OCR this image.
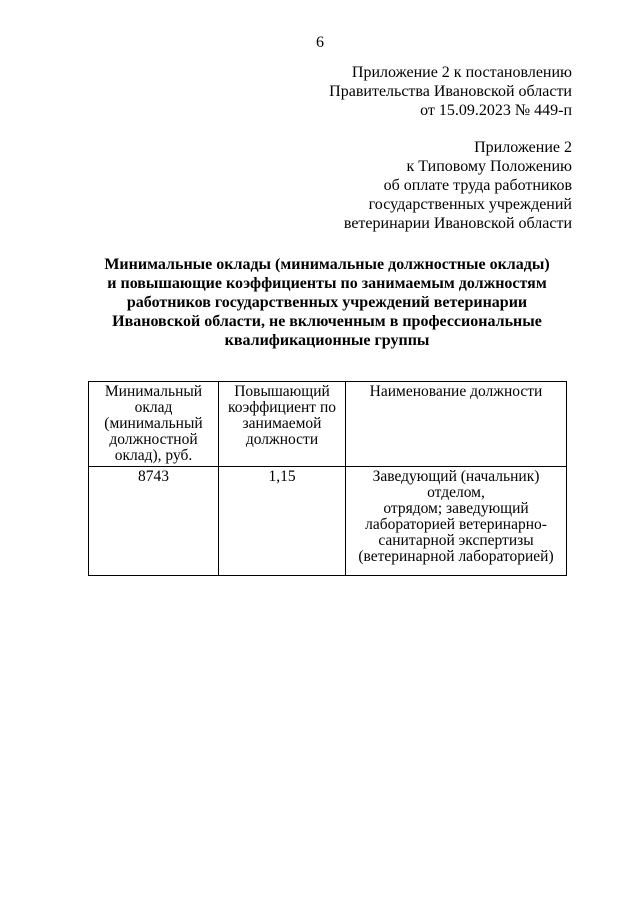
6
Приложение 2 к постановлению
Правительства Ивановской области
от 15.09.2023 № 449-п
Приложение 2
к Типовому Положению
об оплате труда работников
государственных учреждений
ветеринарии Ивановской области
Минимальные оклады (минимальные должностные оклады)
и повышающие коэффициенты по занимаемым должностям
работников государственных учреждений ветеринарии
Ивановской области, не включенным в профессиональные
квалификационные группы
Минимальный
оклад
(минимальный
должностной
оклад), руб.	Повышающий
коэффициент по
занимаемой
должности	Наименование должности

8743	1,15	Заведующий (начальник) отделом,
отрядом; заведующий
лабораторией ветеринарно-
санитарной экспертизы
(ветеринарной лабораторией)
